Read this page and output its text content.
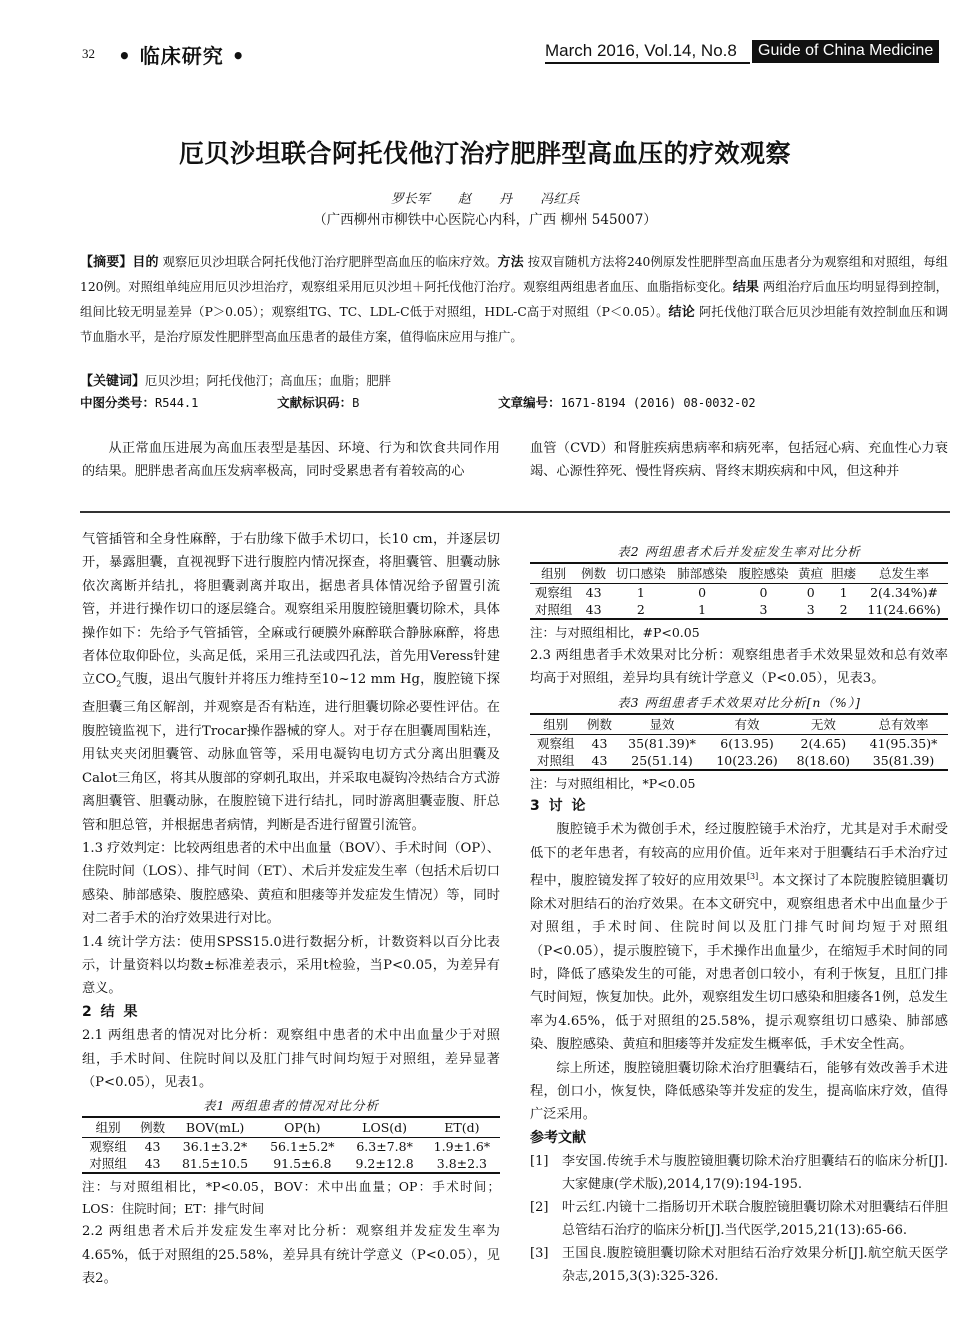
32 • 临床研究 •	March 2016, Vol.14, No.8	Guide of China Medicine
厄贝沙坦联合阿托伐他汀治疗肥胖型高血压的疗效观察
罗长军 赵 丹 冯红兵
（广西柳州市柳铁中心医院心内科，广西 柳州 545007）
【摘要】目的 观察厄贝沙坦联合阿托伐他汀治疗肥胖型高血压的临床疗效。方法 按双盲随机方法将240例原发性肥胖型高血压患者分为观察组和对照组，每组120例。对照组单纯应用厄贝沙坦治疗，观察组采用厄贝沙坦＋阿托伐他汀治疗。观察组两组患者血压、血脂指标变化。结果 两组治疗后血压均明显得到控制，组间比较无明显差异（P＞0.05）；观察组TG、TC、LDL-C低于对照组，HDL-C高于对照组（P＜0.05）。结论 阿托伐他汀联合厄贝沙坦能有效控制血压和调节血脂水平，是治疗原发性肥胖型高血压患者的最佳方案，值得临床应用与推广。
【关键词】厄贝沙坦；阿托伐他汀；高血压；血脂；肥胖
中图分类号：R544.1	文献标识码：B	文章编号：1671-8194 (2016) 08-0032-02
从正常血压进展为高血压表型是基因、环境、行为和饮食共同作用的结果。肥胖患者高血压发病率极高，同时受累患者有着较高的心
血管（CVD）和肾脏疾病患病率和病死率，包括冠心病、充血性心力衰竭、心源性猝死、慢性肾疾病、肾终末期疾病和中风，但这种并

气管插管和全身性麻醉，于右肋缘下做手术切口，长10 cm，并逐层切开，暴露胆囊，直视视野下进行腹腔内情况探查，将胆囊管、胆囊动脉依次离断并结扎，将胆囊剥离并取出，据患者具体情况给予留置引流管，并进行操作切口的逐层缝合。观察组采用腹腔镜胆囊切除术，具体操作如下：先给予气管插管，全麻或行硬膜外麻醉联合静脉麻醉，将患者体位取仰卧位，头高足低，采用三孔法或四孔法，首先用Veress针建立$CO_2$气腹，退出气腹针并将压力维持至10~12 mm Hg，腹腔镜下探查胆囊三角区解剖，并观察是否有粘连，进行胆囊切除必要性评估。在腹腔镜监视下，进行Trocar操作器械的穿人。对于存在胆囊周围粘连，用钛夹夹闭胆囊管、动脉血管等，采用电凝钩电切方式分离出胆囊及Calot三角区，将其从腹部的穿刺孔取出，并采取电凝钩冷热结合方式游离胆囊管、胆囊动脉，在腹腔镜下进行结扎，同时游离胆囊壶腹、肝总管和胆总管，并根据患者病情，判断是否进行留置引流管。

1.3 疗效判定：比较两组患者的术中出血量（BOV）、手术时间（OP）、住院时间（LOS）、排气时间（ET）、术后并发症发生率（包括术后切口感染、肺部感染、腹腔感染、黄疸和胆瘘等并发症发生情况）等，同时对二者手术的治疗效果进行对比。

1.4 统计学方法：使用SPSS15.0进行数据分析，计数资料以百分比表示，计量资料以均数±标准差表示，采用t检验，当P<0.05，为差异有意义。

2 结 果

2.1 两组患者的情况对比分析：观察组中患者的术中出血量少于对照组，手术时间、住院时间以及肛门排气时间均短于对照组，差异显著（P<0.05），见表1。

表1 两组患者的情况对比分析

组别	例数	BOV(mL)	OP(h)	LOS(d)	ET(d)
观察组	43	36.1±3.2*	56.1±5.2*	6.3±7.8*	1.9±1.6*
对照组	43	81.5±10.5	91.5±6.8	9.2±12.8	3.8±2.3

注：与对照组相比，*P<0.05，BOV：术中出血量；OP：手术时间；LOS：住院时间；ET：排气时间

2.2 两组患者术后并发症发生率对比分析：观察组并发症发生率为4.65%，低于对照组的25.58%，差异具有统计学意义（P<0.05），见表2。

表2 两组患者术后并发症发生率对比分析

组别	例数	切口感染	肺部感染	腹腔感染	黄疸	胆瘘	总发生率
观察组	43	1	0	0	0	1	2(4.34%)#
对照组	43	2	1	3	3	2	11(24.66%)

注：与对照组相比，#P<0.05

2.3 两组患者手术效果对比分析：观察组患者手术效果显效和总有效率均高于对照组，差异均具有统计学意义（P<0.05），见表3。

表3 两组患者手术效果对比分析[n（%）]

组别	例数	显效	有效	无效	总有效率
观察组	43	35(81.39)*	6(13.95)	2(4.65)	41(95.35)*
对照组	43	25(51.14)	10(23.26)	8(18.60)	35(81.39)

注：与对照组相比，*P<0.05

3 讨 论

腹腔镜手术为微创手术，经过腹腔镜手术治疗，尤其是对手术耐受低下的老年患者，有较高的应用价值。近年来对于胆囊结石手术治疗过程中，腹腔镜发挥了较好的应用效果[3]。本文探讨了本院腹腔镜胆囊切除术对胆结石的治疗效果。在本文研究中，观察组患者术中出血量少于对照组，手术时间、住院时间以及肛门排气时间均短于对照组（P<0.05），提示腹腔镜下，手术操作出血量少，在缩短手术时间的同时，降低了感染发生的可能，对患者创口较小，有利于恢复，且肛门排气时间短，恢复加快。此外，观察组发生切口感染和胆瘘各1例，总发生率为4.65%，低于对照组的25.58%，提示观察组切口感染、肺部感染、腹腔感染、黄疸和胆瘘等并发症发生概率低，手术安全性高。

综上所述，腹腔镜胆囊切除术治疗胆囊结石，能够有效改善手术进程，创口小，恢复快，降低感染等并发症的发生，提高临床疗效，值得广泛采用。

参考文献

[1]	李安国.传统手术与腹腔镜胆囊切除术治疗胆囊结石的临床分析[J].大家健康(学术版),2014,17(9):194-195.
[2]	叶云红.内镜十二指肠切开术联合腹腔镜胆囊切除术对胆囊结石伴胆总管结石治疗的临床分析[J].当代医学,2015,21(13):65-66.
[3]	王国良.腹腔镜胆囊切除术对胆结石治疗效果分析[J].航空航天医学杂志,2015,3(3):325-326.
